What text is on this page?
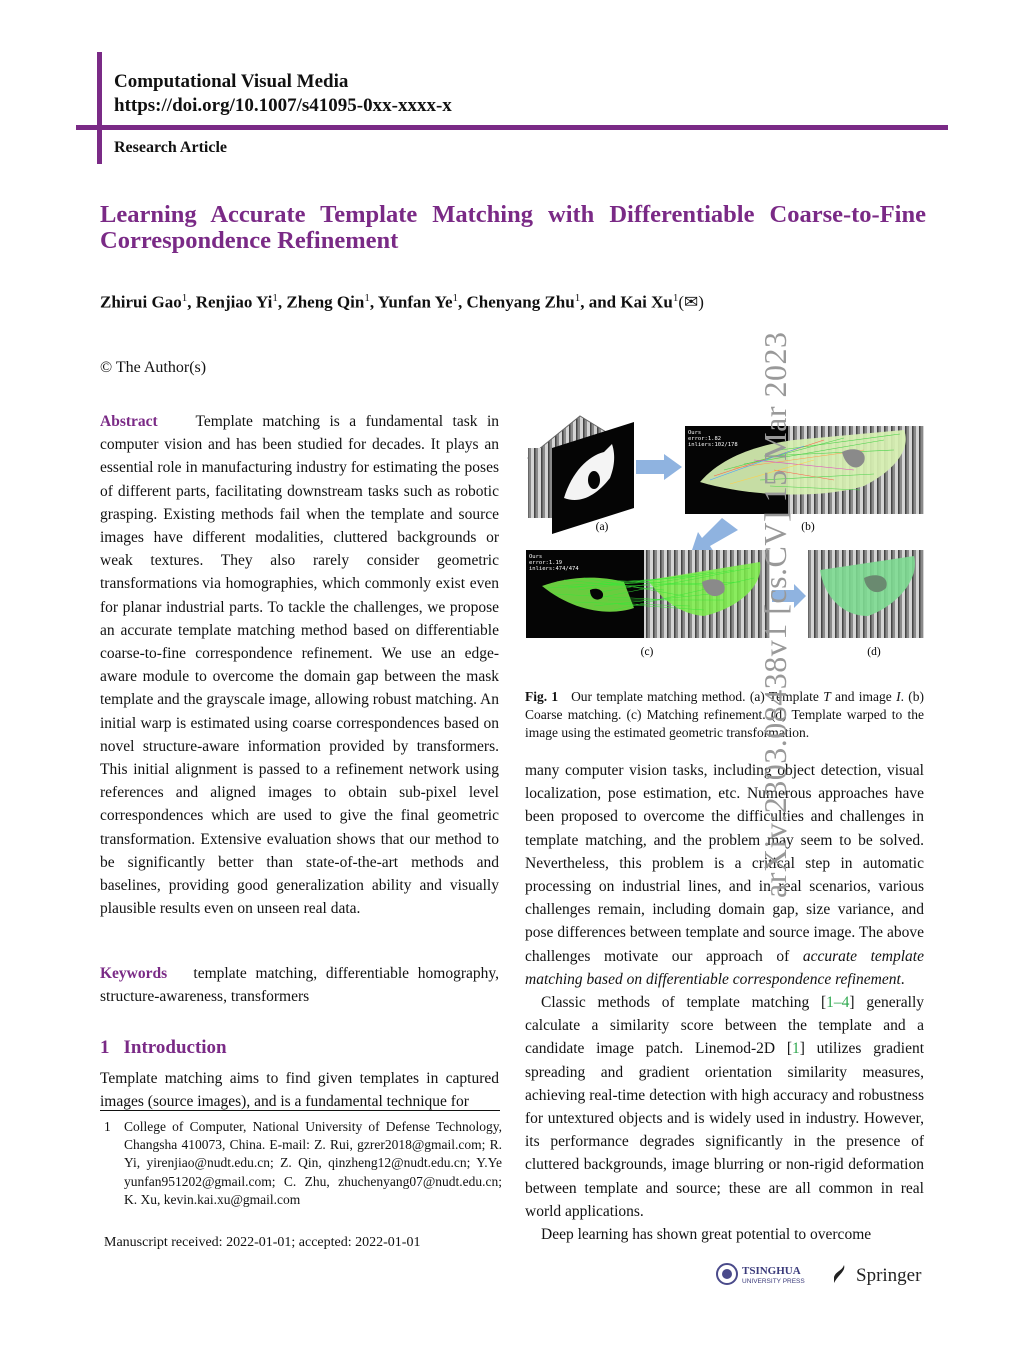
Computational Visual Media
https://doi.org/10.1007/s41095-0xx-xxxx-x
Research Article
Learning Accurate Template Matching with Differentiable Coarse-to-Fine Correspondence Refinement
Zhirui Gao$^1$, Renjiao Yi$^1$, Zheng Qin$^1$, Yunfan Ye$^1$, Chenyang Zhu$^1$, and Kai Xu$^1$(✉)
© The Author(s)
Abstract Template matching is a fundamental task in computer vision and has been studied for decades. It plays an essential role in manufacturing industry for estimating the poses of different parts, facilitating downstream tasks such as robotic grasping. Existing methods fail when the template and source images have different modalities, cluttered backgrounds or weak textures. They also rarely consider geometric transformations via homographies, which commonly exist even for planar industrial parts. To tackle the challenges, we propose an accurate template matching method based on differentiable coarse-to-fine correspondence refinement. We use an edge-aware module to overcome the domain gap between the mask template and the grayscale image, allowing robust matching. An initial warp is estimated using coarse correspondences based on novel structure-aware information provided by transformers. This initial alignment is passed to a refinement network using references and aligned images to obtain sub-pixel level correspondences which are used to give the final geometric transformation. Extensive evaluation shows that our method to be significantly better than state-of-the-art methods and baselines, providing good generalization ability and visually plausible results even on unseen real data.
Keywords template matching, differentiable homography, structure-awareness, transformers
1 Introduction
Template matching aims to find given templates in captured images (source images), and is a fundamental technique for
1 College of Computer, National University of Defense Technology, Changsha 410073, China. E-mail: Z. Rui, gzrer2018@gmail.com; R. Yi, yirenjiao@nudt.edu.cn; Z. Qin, qinzheng12@nudt.edu.cn; Y.Ye yunfan951202@gmail.com; C. Zhu, zhuchenyang07@nudt.edu.cn; K. Xu, kevin.kai.xu@gmail.com
Manuscript received: 2022-01-01; accepted: 2022-01-01
(a)
Ours
error:1.82
inliers:102/178
(b)
Ours
error:1.19
inliers:474/474
(c)	(d)
Fig. 1 Our template matching method. (a) Template T and image I. (b) Coarse matching. (c) Matching refinement. (d) Template warped to the image using the estimated geometric transformation.
many computer vision tasks, including object detection, visual localization, pose estimation, etc. Numerous approaches have been proposed to overcome the difficulties and challenges in template matching, and the problem may seem to be solved. Nevertheless, this problem is a critical step in automatic processing on industrial lines, and in real scenarios, various challenges remain, including domain gap, size variance, and pose differences between template and source image. The above challenges motivate our approach of accurate template matching based on differentiable correspondence refinement.
Classic methods of template matching [1–4] generally calculate a similarity score between the template and a candidate image patch. Linemod-2D [1] utilizes gradient spreading and gradient orientation similarity measures, achieving real-time detection with high accuracy and robustness for untextured objects and is widely used in industry. However, its performance degrades significantly in the presence of cluttered backgrounds, image blurring or non-rigid deformation between template and source; these are all common in real world applications.
Deep learning has shown great potential to overcome
arXiv:2303.08438v1 [cs.CV] 15 Mar 2023
TSINGHUA
UNIVERSITY PRESS	Springer
